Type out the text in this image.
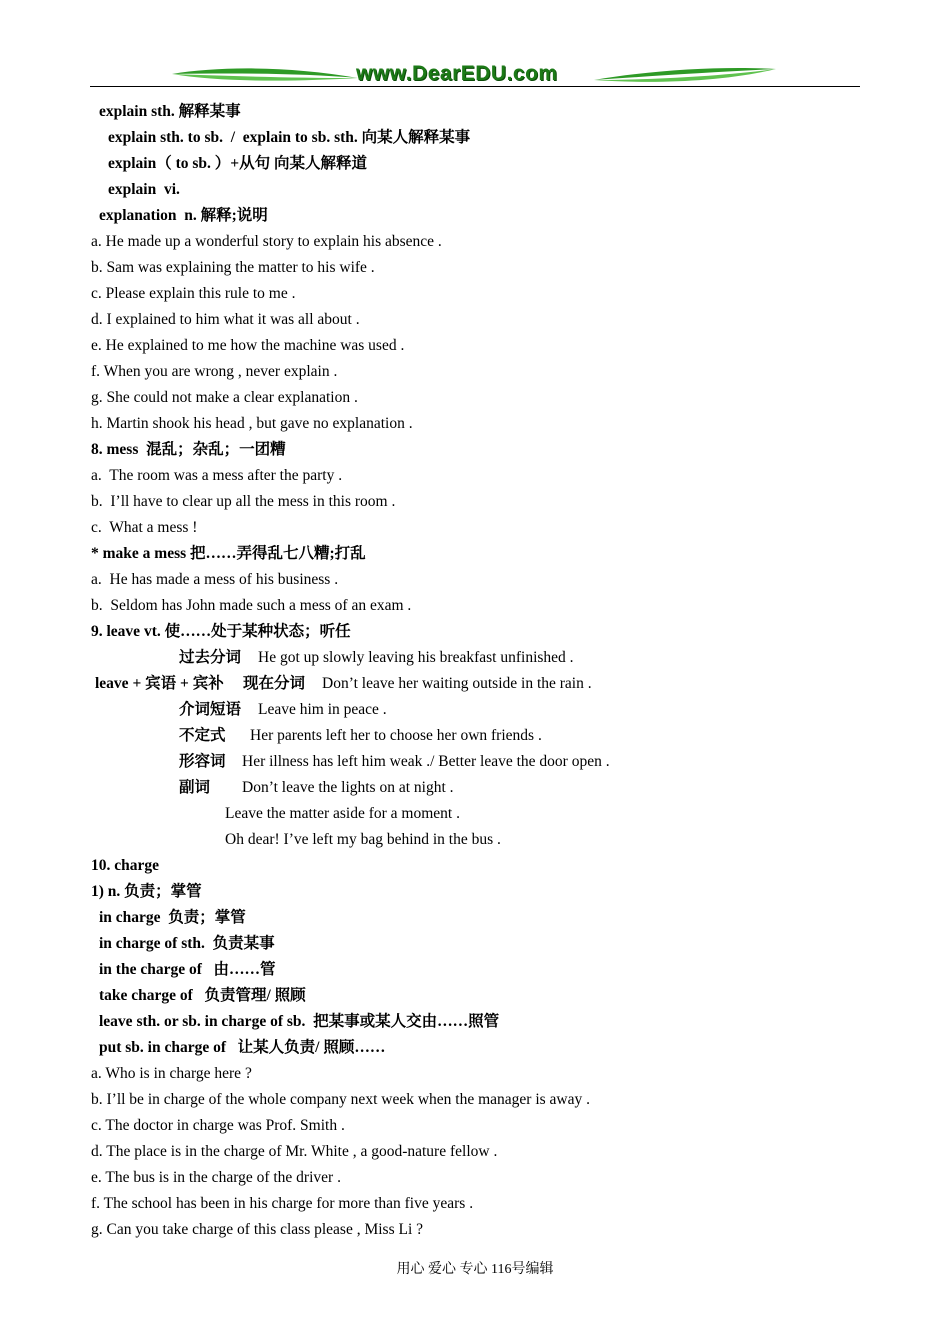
www.DearEDU.com
explain sth. 解释某事
explain sth. to sb.  /  explain to sb. sth. 向某人解释某事
explain（ to sb. ）+从句 向某人解释道
explain  vi.
explanation  n. 解释;说明
a. He made up a wonderful story to explain his absence .
b. Sam was explaining the matter to his wife .
c. Please explain this rule to me .
d. I explained to him what it was all about .
e. He explained to me how the machine was used .
f. When you are wrong , never explain .
g. She could not make a clear explanation .
h. Martin shook his head , but gave no explanation .
8. mess  混乱；杂乱；一团糟
a.  The room was a mess after the party .
b.  I’ll have to clear up all the mess in this room .
c.  What a mess !
* make a mess 把……弄得乱七八糟;打乱
a.  He has made a mess of his business .
b.  Seldom has John made such a mess of an exam .
9. leave vt. 使……处于某种状态；听任
过去分词 He got up slowly leaving his breakfast unfinished .
leave + 宾语 + 宾补 现在分词 Don’t leave her waiting outside in the rain .
介词短语 Leave him in peace .
不定式 Her parents left her to choose her own friends .
形容词 Her illness has left him weak ./ Better leave the door open .
副词 Don’t leave the lights on at night .
Leave the matter aside for a moment .
Oh dear! I’ve left my bag behind in the bus .
10. charge
1) n. 负责；掌管
in charge  负责；掌管
in charge of sth.  负责某事
in the charge of   由……管
take charge of   负责管理/ 照顾
leave sth. or sb. in charge of sb.  把某事或某人交由……照管
put sb. in charge of   让某人负责/ 照顾……
a. Who is in charge here ?
b. I’ll be in charge of the whole company next week when the manager is away .
c. The doctor in charge was Prof. Smith .
d. The place is in the charge of Mr. White , a good-nature fellow .
e. The bus is in the charge of the driver .
f. The school has been in his charge for more than five years .
g. Can you take charge of this class please , Miss Li ?
用心 爱心 专心 116号编辑
